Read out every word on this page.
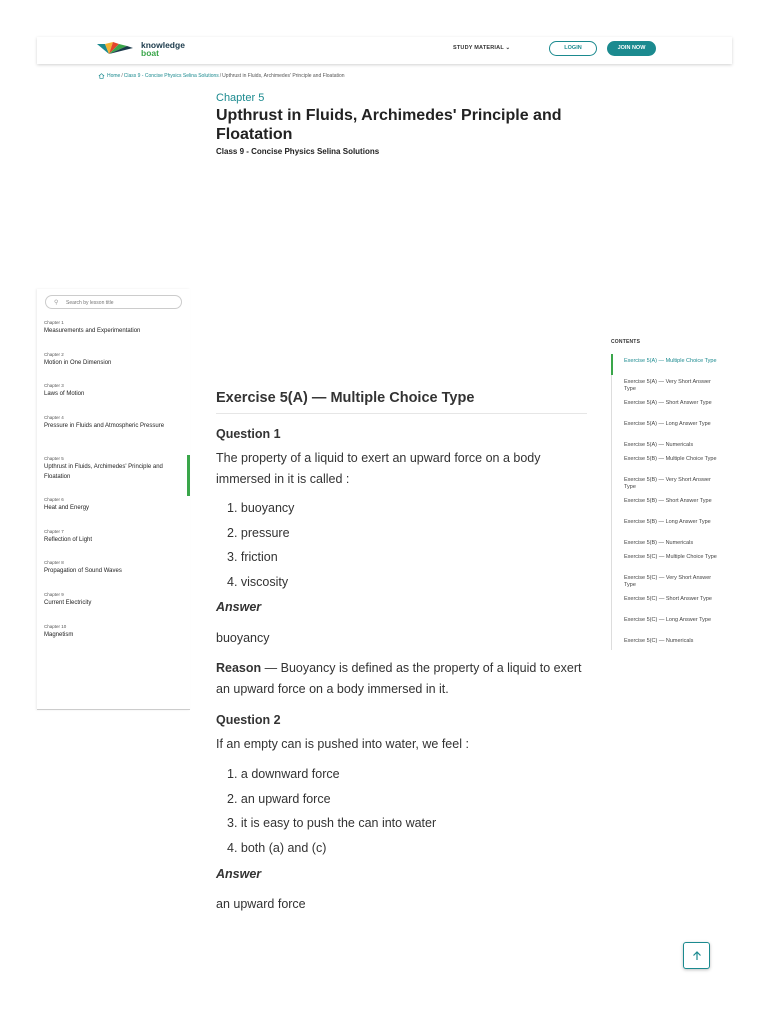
knowledge
boat	STUDY MATERIAL ⌄	LOGIN	JOIN NOW
Home / Class 9 - Concise Physics Selina Solutions / Upthrust in Fluids, Archimedes' Principle and Floatation
Chapter 5
Upthrust in Fluids, Archimedes' Principle and Floatation
Class 9 - Concise Physics Selina Solutions
⚲
Search by lesson title
Chapter 1
Measurements and Experimentation
Chapter 2
Motion in One Dimension
Chapter 3
Laws of Motion
Chapter 4
Pressure in Fluids and Atmospheric Pressure
Chapter 5
Upthrust in Fluids, Archimedes' Principle and Floatation
Chapter 6
Heat and Energy
Chapter 7
Reflection of Light
Chapter 8
Propagation of Sound Waves
Chapter 9
Current Electricity
Chapter 10
Magnetism
Exercise 5(A) — Multiple Choice Type
Question 1
The property of a liquid to exert an upward force on a body immersed in it is called :
1. buoyancy
2. pressure
3. friction
4. viscosity
Answer
buoyancy
Reason — Buoyancy is defined as the property of a liquid to exert an upward force on a body immersed in it.
Question 2
If an empty can is pushed into water, we feel :
1. a downward force
2. an upward force
3. it is easy to push the can into water
4. both (a) and (c)
Answer
an upward force
CONTENTS
Exercise 5(A) — Multiple Choice Type
Exercise 5(A) — Very Short Answer Type
Exercise 5(A) — Short Answer Type
Exercise 5(A) — Long Answer Type
Exercise 5(A) — Numericals
Exercise 5(B) — Multiple Choice Type
Exercise 5(B) — Very Short Answer Type
Exercise 5(B) — Short Answer Type
Exercise 5(B) — Long Answer Type
Exercise 5(B) — Numericals
Exercise 5(C) — Multiple Choice Type
Exercise 5(C) — Very Short Answer Type
Exercise 5(C) — Short Answer Type
Exercise 5(C) — Long Answer Type
Exercise 5(C) — Numericals
